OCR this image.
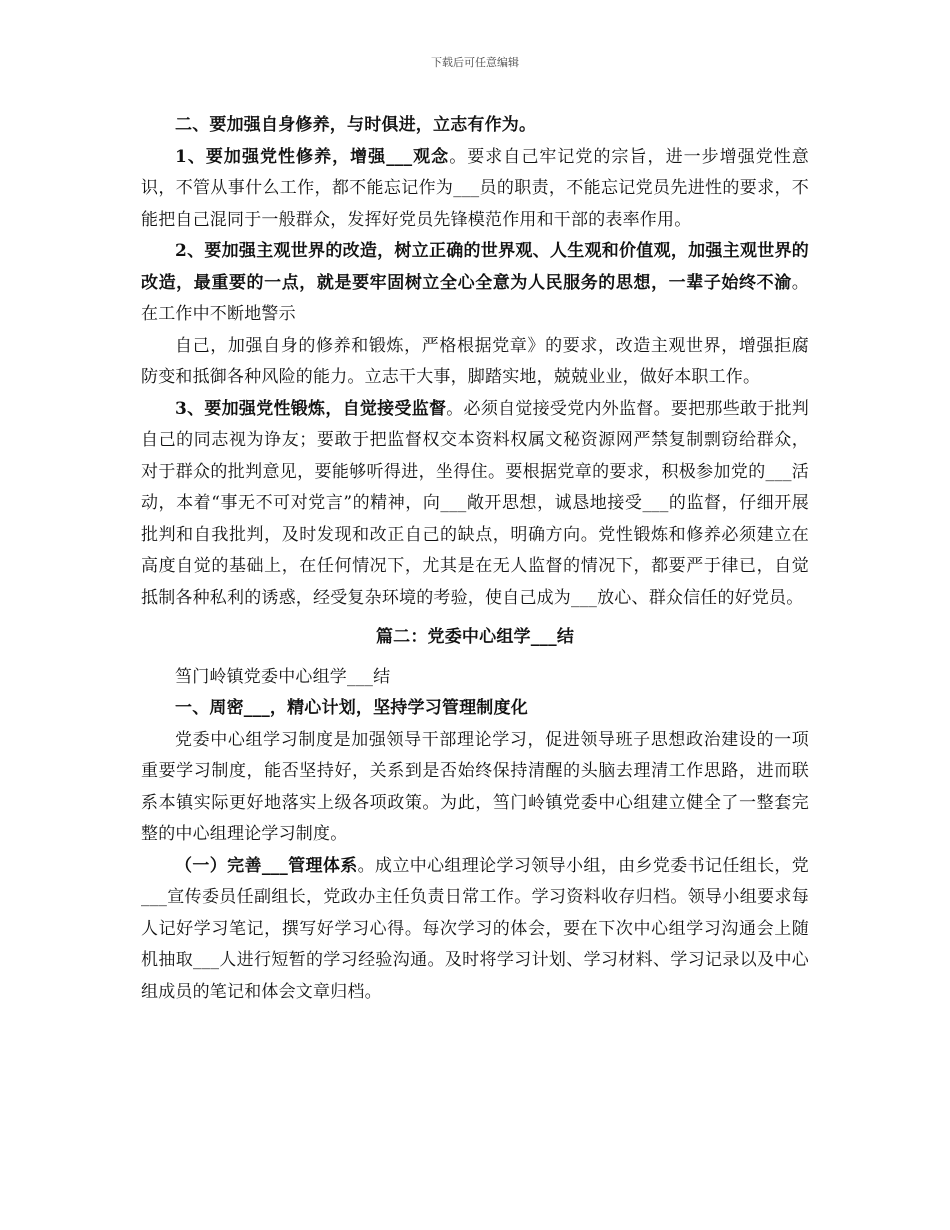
下载后可任意编辑

二、要加强自身修养，与时俱进，立志有作为。

1、要加强党性修养，增强___观念。要求自己牢记党的宗旨，进一步增强党性意识，不管从事什么工作，都不能忘记作为___员的职责，不能忘记党员先进性的要求，不能把自己混同于一般群众，发挥好党员先锋模范作用和干部的表率作用。

2、要加强主观世界的改造，树立正确的世界观、人生观和价值观，加强主观世界的改造，最重要的一点，就是要牢固树立全心全意为人民服务的思想，一辈子始终不渝。在工作中不断地警示

自己，加强自身的修养和锻炼，严格根据党章》的要求，改造主观世界，增强拒腐防变和抵御各种风险的能力。立志干大事，脚踏实地，兢兢业业，做好本职工作。

3、要加强党性锻炼，自觉接受监督。必须自觉接受党内外监督。要把那些敢于批判自己的同志视为诤友；要敢于把监督权交本资料权属文秘资源网严禁复制剽窃给群众，对于群众的批判意见，要能够听得进，坐得住。要根据党章的要求，积极参加党的___活动，本着“事无不可对党言”的精神，向___敞开思想，诚恳地接受___的监督，仔细开展批判和自我批判，及时发现和改正自己的缺点，明确方向。党性锻炼和修养必须建立在高度自觉的基础上，在任何情况下，尤其是在无人监督的情况下，都要严于律已，自觉抵制各种私利的诱惑，经受复杂环境的考验，使自己成为___放心、群众信任的好党员。

篇二：党委中心组学___结

筜门岭镇党委中心组学___结

一、周密___，精心计划，坚持学习管理制度化

党委中心组学习制度是加强领导干部理论学习，促进领导班子思想政治建设的一项重要学习制度，能否坚持好，关系到是否始终保持清醒的头脑去理清工作思路，进而联系本镇实际更好地落实上级各项政策。为此，筜门岭镇党委中心组建立健全了一整套完整的中心组理论学习制度。

（一）完善___管理体系。成立中心组理论学习领导小组，由乡党委书记任组长，党___宣传委员任副组长，党政办主任负责日常工作。学习资料收存归档。领导小组要求每人记好学习笔记，撰写好学习心得。每次学习的体会，要在下次中心组学习沟通会上随机抽取___人进行短暂的学习经验沟通。及时将学习计划、学习材料、学习记录以及中心组成员的笔记和体会文章归档。
